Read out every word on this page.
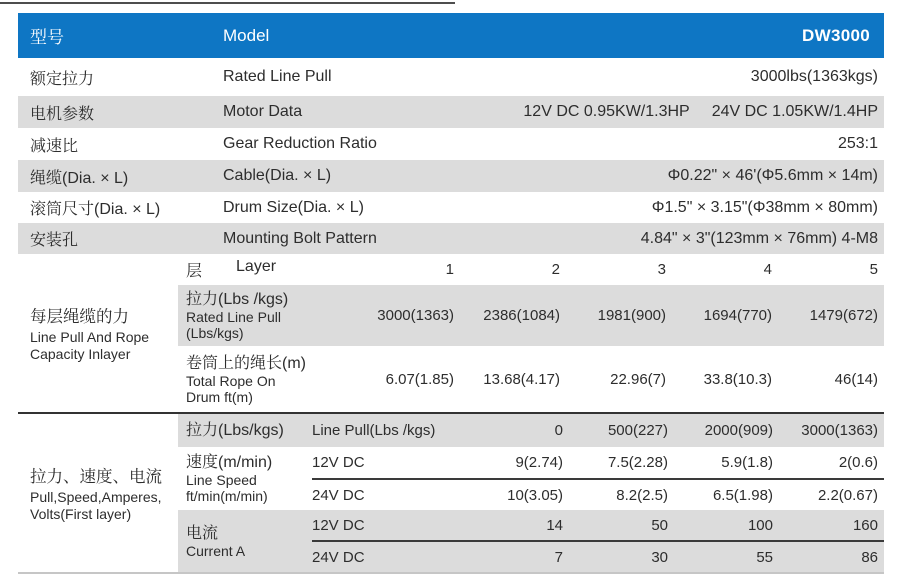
型号	Model	DW3000
额定拉力	Rated Line Pull	3000lbs(1363kgs)
电机参数	Motor Data	12V DC 0.95KW/1.3HP 24V DC 1.05KW/1.4HP
减速比	Gear Reduction Ratio	253:1
绳缆(Dia. × L)	Cable(Dia. × L)	Φ0.22" × 46'(Φ5.6mm × 14m)
滚筒尺寸(Dia. × L)	Drum Size(Dia. × L)	Φ1.5" × 3.15"(Φ38mm × 80mm)
安装孔	Mounting Bolt Pattern	4.84" × 3"(123mm × 76mm) 4-M8
每层绳缆的力
Line Pull And Rope
Capacity Inlayer
层 Layer	1	2	3	4	5
拉力(Lbs /kgs)
Rated Line Pull
(Lbs/kgs)
3000(1363)	2386(1084)	1981(900)	1694(770)	1479(672)
卷筒上的绳长(m)
Total Rope On
Drum ft(m)
6.07(1.85)	13.68(4.17)	22.96(7)	33.8(10.3)	46(14)
拉力、速度、电流
Pull,Speed,Amperes,
Volts(First layer)
拉力(Lbs/kgs)	Line Pull(Lbs /kgs)	0	500(227)	2000(909)	3000(1363)
速度(m/min)
Line Speed
ft/min(m/min)
12V DC	9(2.74)	7.5(2.28)	5.9(1.8)	2(0.6)
24V DC	10(3.05)	8.2(2.5)	6.5(1.98)	2.2(0.67)
电流
Current A
12V DC	14	50	100	160
24V DC	7	30	55	86
